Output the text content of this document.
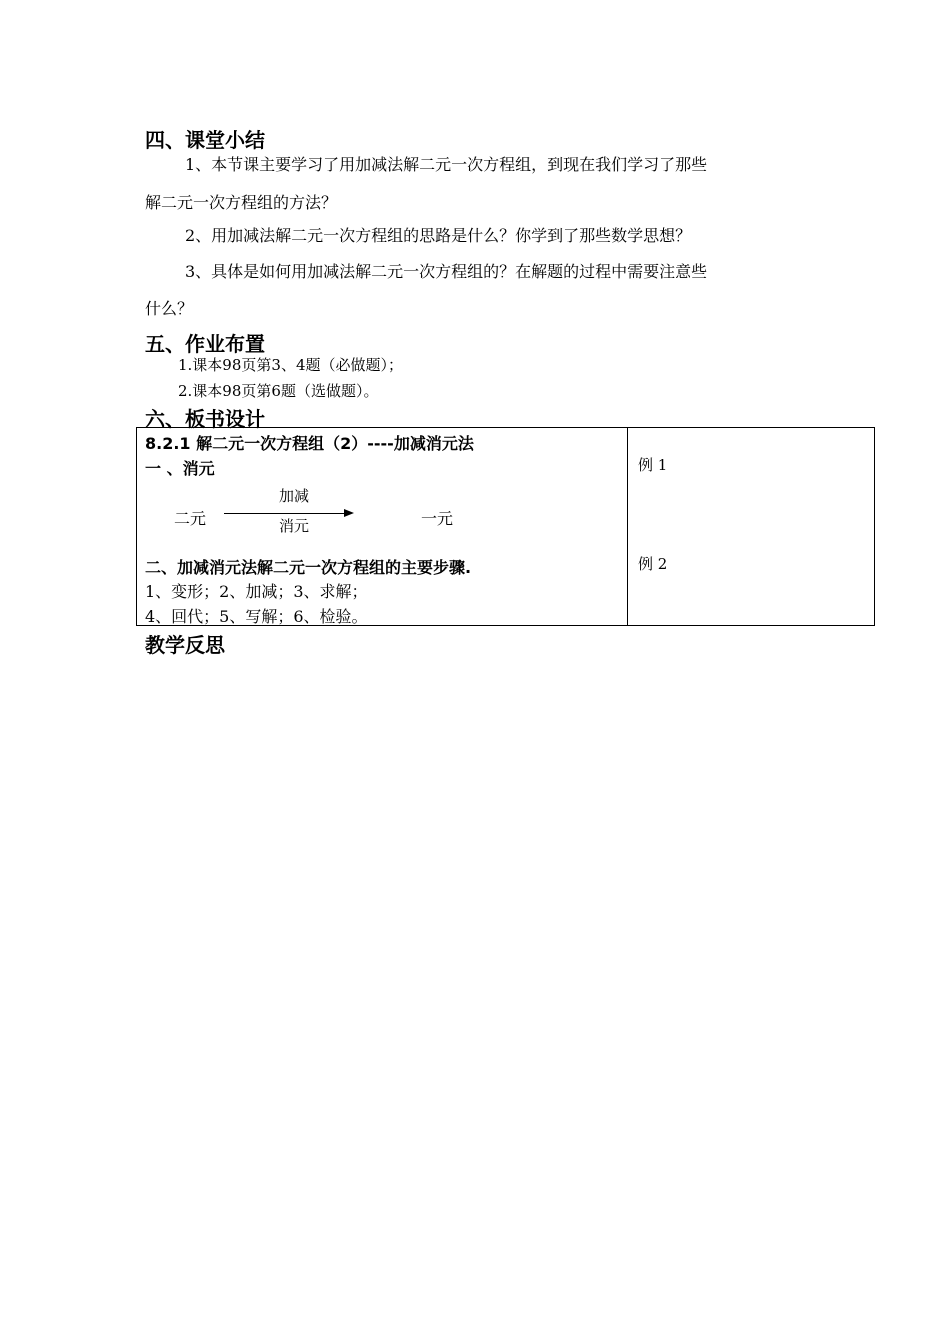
四、课堂小结
1、本节课主要学习了用加减法解二元一次方程组，到现在我们学习了那些
解二元一次方程组的方法？
2、用加减法解二元一次方程组的思路是什么？你学到了那些数学思想？
3、具体是如何用加减法解二元一次方程组的？在解题的过程中需要注意些
什么？
五、作业布置
1.课本98页第3、4题（必做题）；
2.课本98页第6题（选做题）。
六、板书设计
8.2.1 解二元一次方程组（2）----加减消元法
一 、消元
二元
加减
消元	一元
二、加减消元法解二元一次方程组的主要步骤.
1、变形；2、加减；3、求解；
4、回代；5、写解；6、检验。
例 1
例 2
教学反思
